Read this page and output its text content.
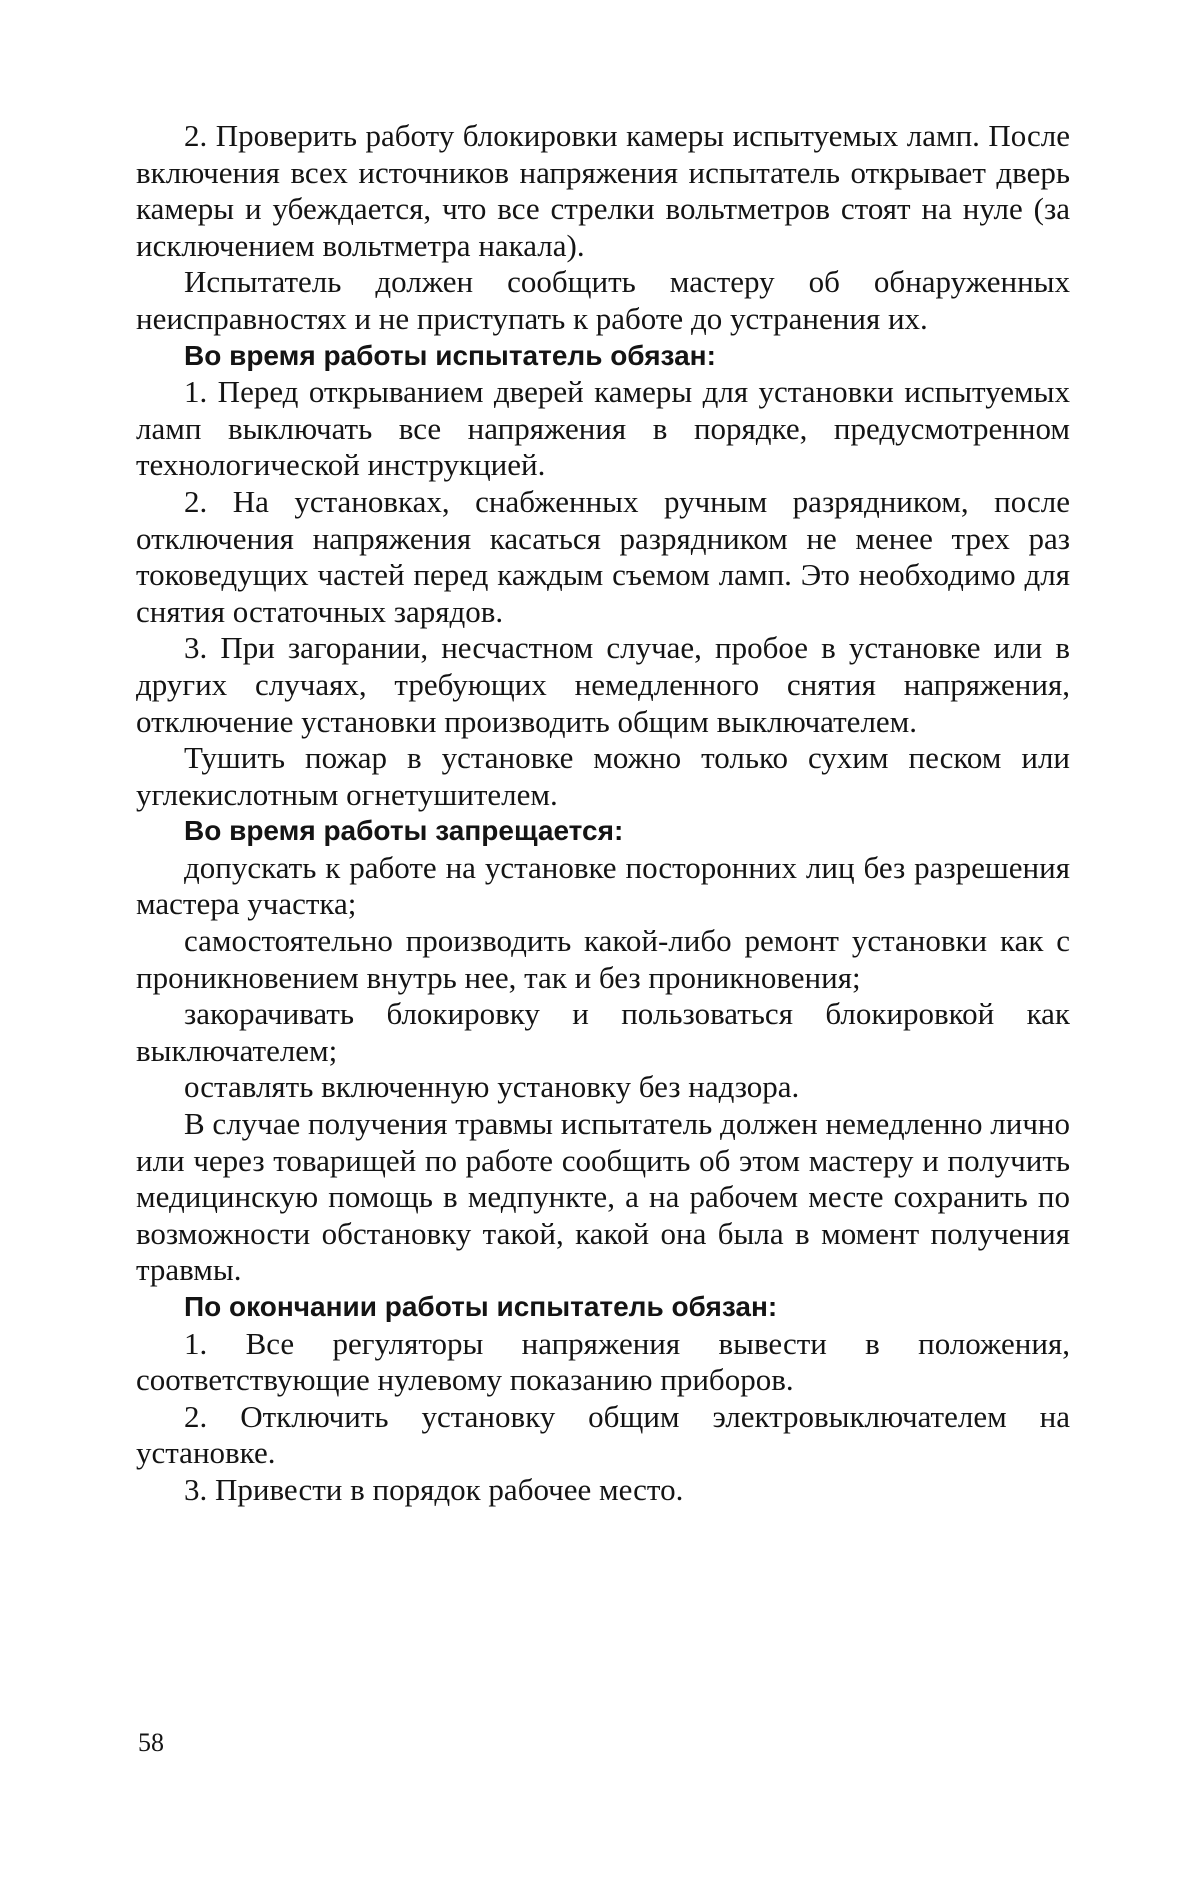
2. Проверить работу блокировки камеры испытуемых ламп. После включения всех источников напряжения испытатель открывает дверь камеры и убеждается, что все стрелки вольтметров стоят на нуле (за исключением вольтметра накала).

Испытатель должен сообщить мастеру об обнаружен­ных неисправностях и не приступать к работе до устра­нения их.

Во время работы испытатель обязан:

1. Перед открыванием дверей камеры для установки испытуемых ламп выключать все напряжения в порядке, предусмотренном технологической инструкцией.

2. На установках, снабженных ручным разрядником, после отключения напряжения касаться разрядником не менее трех раз токоведущих частей перед каждым съе­мом ламп. Это необходимо для снятия остаточных за­рядов.

3. При загорании, несчастном случае, пробое в уста­новке или в других случаях, требующих немедленного снятия напряжения, отключение установки производить общим выключателем.

Тушить пожар в установке можно только сухим песком или углекислотным огнетушителем.

Во время работы запрещается:

допускать к работе на установке посторонних лиц без разрешения мастера участка;

самостоятельно производить какой-либо ремонт уста­новки как с проникновением внутрь нее, так и без про­никновения;

закорачивать блокировку и пользоваться блокиров­кой как выключателем;

оставлять включенную установку без надзора.

В случае получения травмы испытатель должен не­медленно лично или через товарищей по работе сооб­щить об этом мастеру и получить медицинскую помощь в медпункте, а на рабочем месте сохранить по возмож­ности обстановку такой, какой она была в момент полу­чения травмы.

По окончании работы испытатель обязан:

1. Все регуляторы напряжения вывести в положения, соответствующие нулевому показанию приборов.

2. Отключить установку общим электровыключате­лем на установке.

3. Привести в порядок рабочее место.

58
